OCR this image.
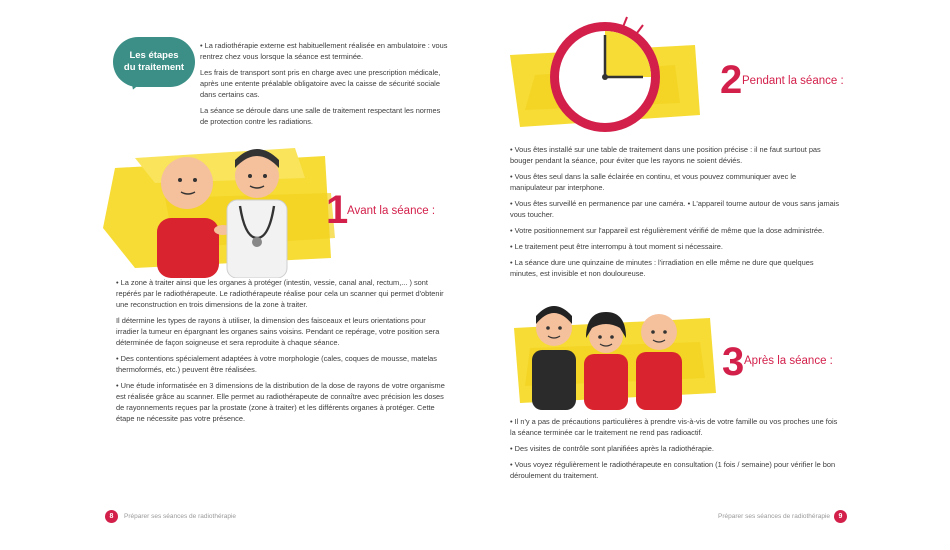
Les étapes
du traitement

• La radiothérapie externe est habituellement réalisée en ambulatoire : vous rentrez chez vous lorsque la séance est terminée.

Les frais de transport sont pris en charge avec une prescription médicale, après une entente préalable obligatoire avec la caisse de sécurité sociale dans certains cas.

La séance se déroule dans une salle de traitement respectant les normes de protection contre les radiations.

1
Avant la séance :

• La zone à traiter ainsi que les organes à protéger (intestin, vessie, canal anal, rectum,... ) sont repérés par le radiothérapeute. Le radiothérapeute réalise pour cela un scanner qui permet d'obtenir une reconstruction en trois dimensions de la zone à traiter.

Il détermine les types de rayons à utiliser, la dimension des faisceaux et leurs orientations pour irradier la tumeur en épargnant les organes sains voisins. Pendant ce repérage, votre position sera déterminée de façon soigneuse et sera reproduite à chaque séance.

• Des contentions spécialement adaptées à votre morphologie (cales, coques de mousse, matelas thermoformés, etc.) peuvent être réalisées.

• Une étude informatisée en 3 dimensions de la distribution de la dose de rayons de votre organisme est réalisée grâce au scanner. Elle permet au radiothérapeute de connaître avec précision les doses de rayonnements reçues par la prostate (zone à traiter) et les différents organes à protéger. Cette étape ne nécessite pas votre présence.

2 Pendant la séance :

• Vous êtes installé sur une table de traitement dans une position précise : il ne faut surtout pas bouger pendant la séance, pour éviter que les rayons ne soient déviés.

• Vous êtes seul dans la salle éclairée en continu, et vous pouvez communiquer avec le manipulateur par interphone.

• Vous êtes surveillé en permanence par une caméra. • L'appareil tourne autour de vous sans jamais vous toucher.

• Votre positionnement sur l'appareil est régulièrement vérifié de même que la dose administrée.

• Le traitement peut être interrompu à tout moment si nécessaire.

• La séance dure une quinzaine de minutes : l'irradiation en elle même ne dure que quelques minutes, est invisible et non douloureuse.

3 Après la séance :

• Il n'y a pas de précautions particulières à prendre vis-à-vis de votre famille ou vos proches une fois la séance terminée car le traitement ne rend pas radioactif.

• Des visites de contrôle sont planifiées après la radiothérapie.

• Vous voyez régulièrement le radiothérapeute en consultation (1 fois / semaine) pour vérifier le bon déroulement du traitement.

8	Préparer ses séances de radiothérapie	Préparer ses séances de radiothérapie	9
